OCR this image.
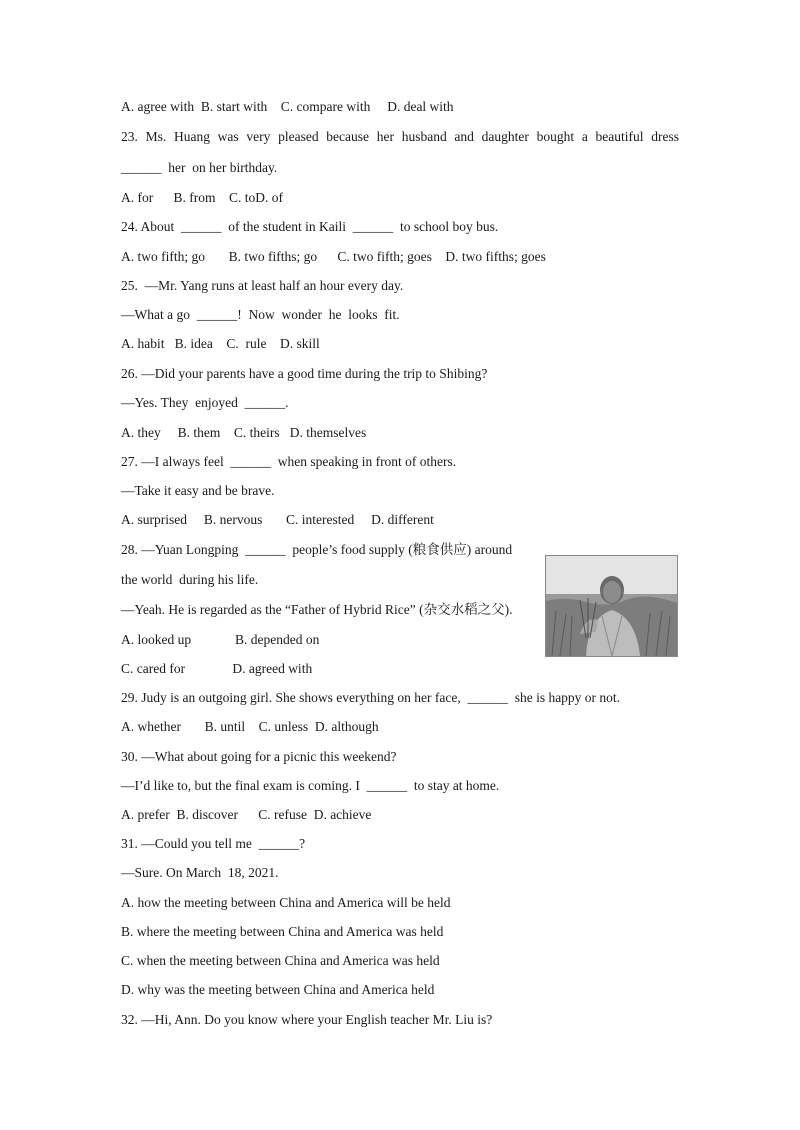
A. agree with  B. start with    C. compare with     D. deal with
23. Ms. Huang was very pleased because her husband and daughter bought a beautiful dress
______  her  on her birthday.
A. for      B. from    C. toD. of
24. About  ______  of the student in Kaili  ______  to school boy bus.
A. two fifth; go       B. two fifths; go      C. two fifth; goes    D. two fifths; goes
25.  —Mr. Yang runs at least half an hour every day.
—What a go  ______!  Now  wonder  he  looks  fit.
A. habit   B. idea    C.  rule    D. skill
26. —Did your parents have a good time during the trip to Shibing?
—Yes. They  enjoyed  ______.
A. they     B. them    C. theirs   D. themselves
27. —I always feel  ______  when speaking in front of others.
—Take it easy and be brave.
A. surprised     B. nervous       C. interested     D. different
28. —Yuan Longping  ______  people’s food supply (粮食供应) around
the world  during his life.
—Yeah. He is regarded as the “Father of Hybrid Rice” (杂交水稻之父).
A. looked up             B. depended on
C. cared for              D. agreed with
29. Judy is an outgoing girl. She shows everything on her face,  ______  she is happy or not.
A. whether       B. until    C. unless  D. although
30. —What about going for a picnic this weekend?
—I’d like to, but the final exam is coming. I  ______  to stay at home.
A. prefer  B. discover      C. refuse  D. achieve
31. —Could you tell me  ______?
—Sure. On March  18, 2021.
A. how the meeting between China and America will be held
B. where the meeting between China and America was held
C. when the meeting between China and America was held
D. why was the meeting between China and America held
32. —Hi, Ann. Do you know where your English teacher Mr. Liu is?
